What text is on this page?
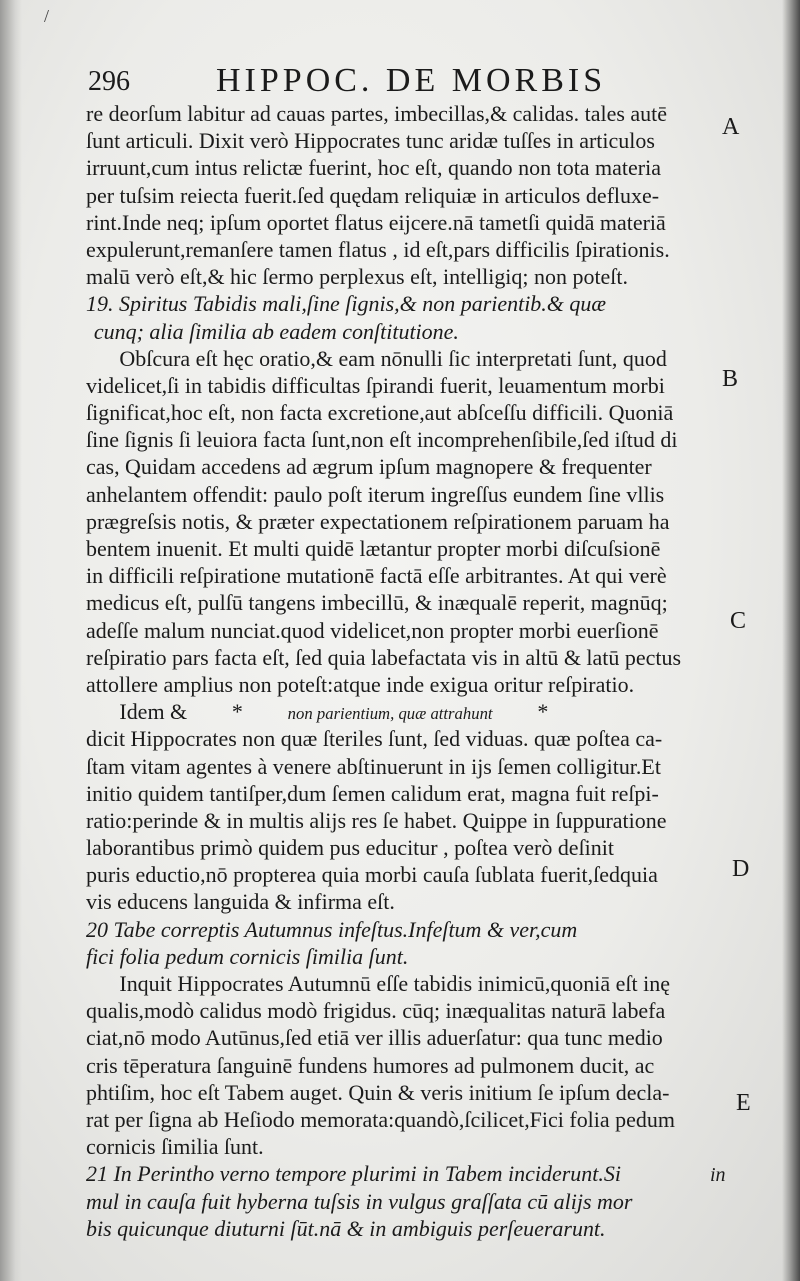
/
296	HIPPOC. DE MORBIS
re deorſum labitur ad cauas partes, imbecillas,& calidas. tales autē
ſunt articuli. Dixit verò Hippocrates tunc aridæ tuſſes in articulos
irruunt,cum intus relictæ fuerint, hoc eſt, quando non tota materia
per tuſsim reiecta fuerit.ſed quędam reliquiæ in articulos defluxe-
rint.Inde neq; ipſum oportet flatus eijcere.nā tametſi quidā materiā
expulerunt,remanſere tamen flatus , id eſt,pars difficilis ſpirationis.
malū verò eſt,& hic ſermo perplexus eſt, intelligiq; non poteſt.
19. Spiritus Tabidis mali,ſine ſignis,& non parientib.& quæ
cunq; alia ſimilia ab eadem conſtitutione.
Obſcura eſt hęc oratio,& eam nōnulli ſic interpretati ſunt, quod
videlicet,ſi in tabidis difficultas ſpirandi fuerit, leuamentum morbi
ſignificat,hoc eſt, non facta excretione,aut abſceſſu difficili. Quoniā
ſine ſignis ſi leuiora facta ſunt,non eſt incomprehenſibile,ſed iſtud di
cas, Quidam accedens ad ægrum ipſum magnopere & frequenter
anhelantem offendit: paulo poſt iterum ingreſſus eundem ſine vllis
prægreſsis notis, & præter expectationem reſpirationem paruam ha
bentem inuenit. Et multi quidē lætantur propter morbi diſcuſsionē
in difficili reſpiratione mutationē factā eſſe arbitrantes. At qui verè
medicus eſt, pulſū tangens imbecillū, & inæqualē reperit, magnūq;
adeſſe malum nunciat.quod videlicet,non propter morbi euerſionē
reſpiratio pars facta eſt, ſed quia labefactata vis in altū & latū pectus
attollere amplius non poteſt:atque inde exigua oritur reſpiratio.
Idem & *	non parientium, quæ attrahunt *
dicit Hippocrates non quæ ſteriles ſunt, ſed viduas. quæ poſtea ca-
ſtam vitam agentes à venere abſtinuerunt in ijs ſemen colligitur.Et
initio quidem tantiſper,dum ſemen calidum erat, magna fuit reſpi-
ratio:perinde & in multis alijs res ſe habet. Quippe in ſuppuratione
laborantibus primò quidem pus educitur , poſtea verò deſinit
puris eductio,nō propterea quia morbi cauſa ſublata fuerit,ſedquia
vis educens languida & infirma eſt.
20 Tabe correptis Autumnus infeſtus.Infeſtum & ver,cum
fici folia pedum cornicis ſimilia ſunt.
Inquit Hippocrates Autumnū eſſe tabidis inimicū,quoniā eſt inę
qualis,modò calidus modò frigidus. cūq; inæqualitas naturā labefa
ciat,nō modo Autūnus,ſed etiā ver illis aduerſatur: qua tunc medio
cris tēperatura ſanguinē fundens humores ad pulmonem ducit, ac
phtiſim, hoc eſt Tabem auget. Quin & veris initium ſe ipſum decla-
rat per ſigna ab Heſiodo memorata:quandò,ſcilicet,Fici folia pedum
cornicis ſimilia ſunt.
21 In Perintho verno tempore plurimi in Tabem inciderunt.Si
mul in cauſa fuit hyberna tuſsis in vulgus graſſata cū alijs mor
bis quicunque diuturni ſūt.nā & in ambiguis perſeuerarunt.
A
B
C
D
E
in
